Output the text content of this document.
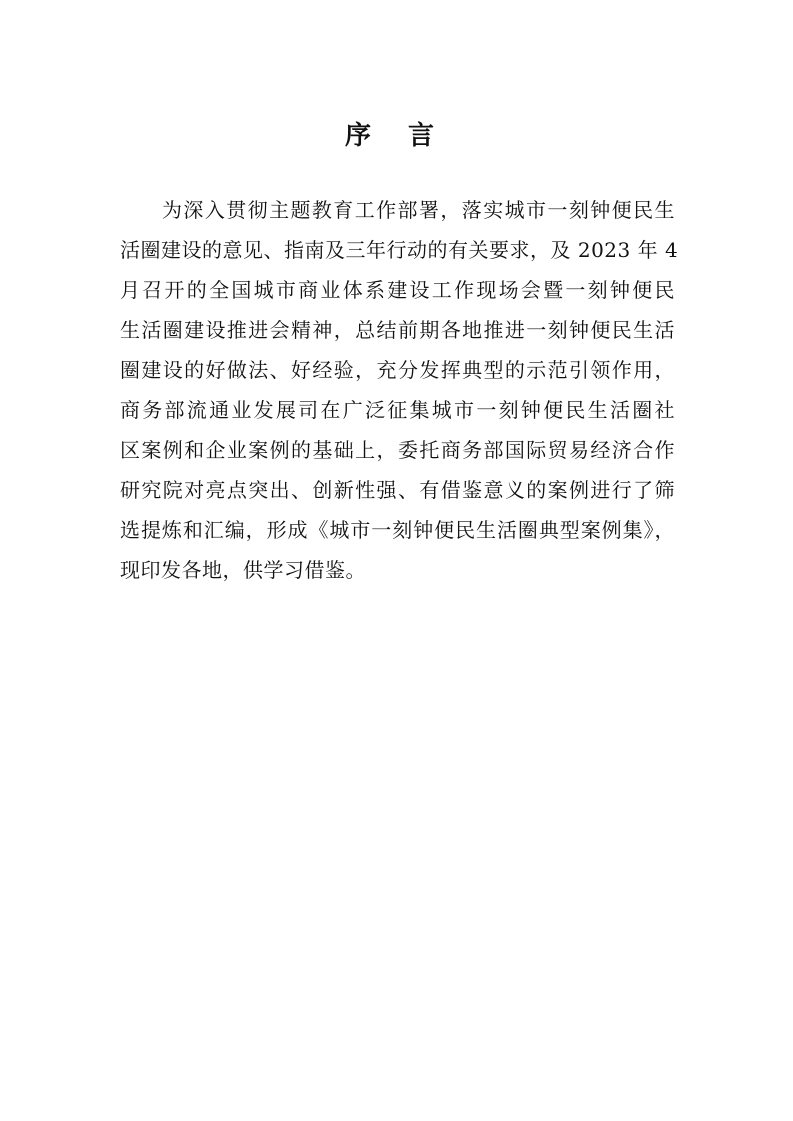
序 言
为深入贯彻主题教育工作部署，落实城市一刻钟便民生
活圈建设的意见、指南及三年行动的有关要求，及 2023 年 4
月召开的全国城市商业体系建设工作现场会暨一刻钟便民
生活圈建设推进会精神，总结前期各地推进一刻钟便民生活
圈建设的好做法、好经验，充分发挥典型的示范引领作用，
商务部流通业发展司在广泛征集城市一刻钟便民生活圈社
区案例和企业案例的基础上，委托商务部国际贸易经济合作
研究院对亮点突出、创新性强、有借鉴意义的案例进行了筛
选提炼和汇编，形成《城市一刻钟便民生活圈典型案例集》，
现印发各地，供学习借鉴。
